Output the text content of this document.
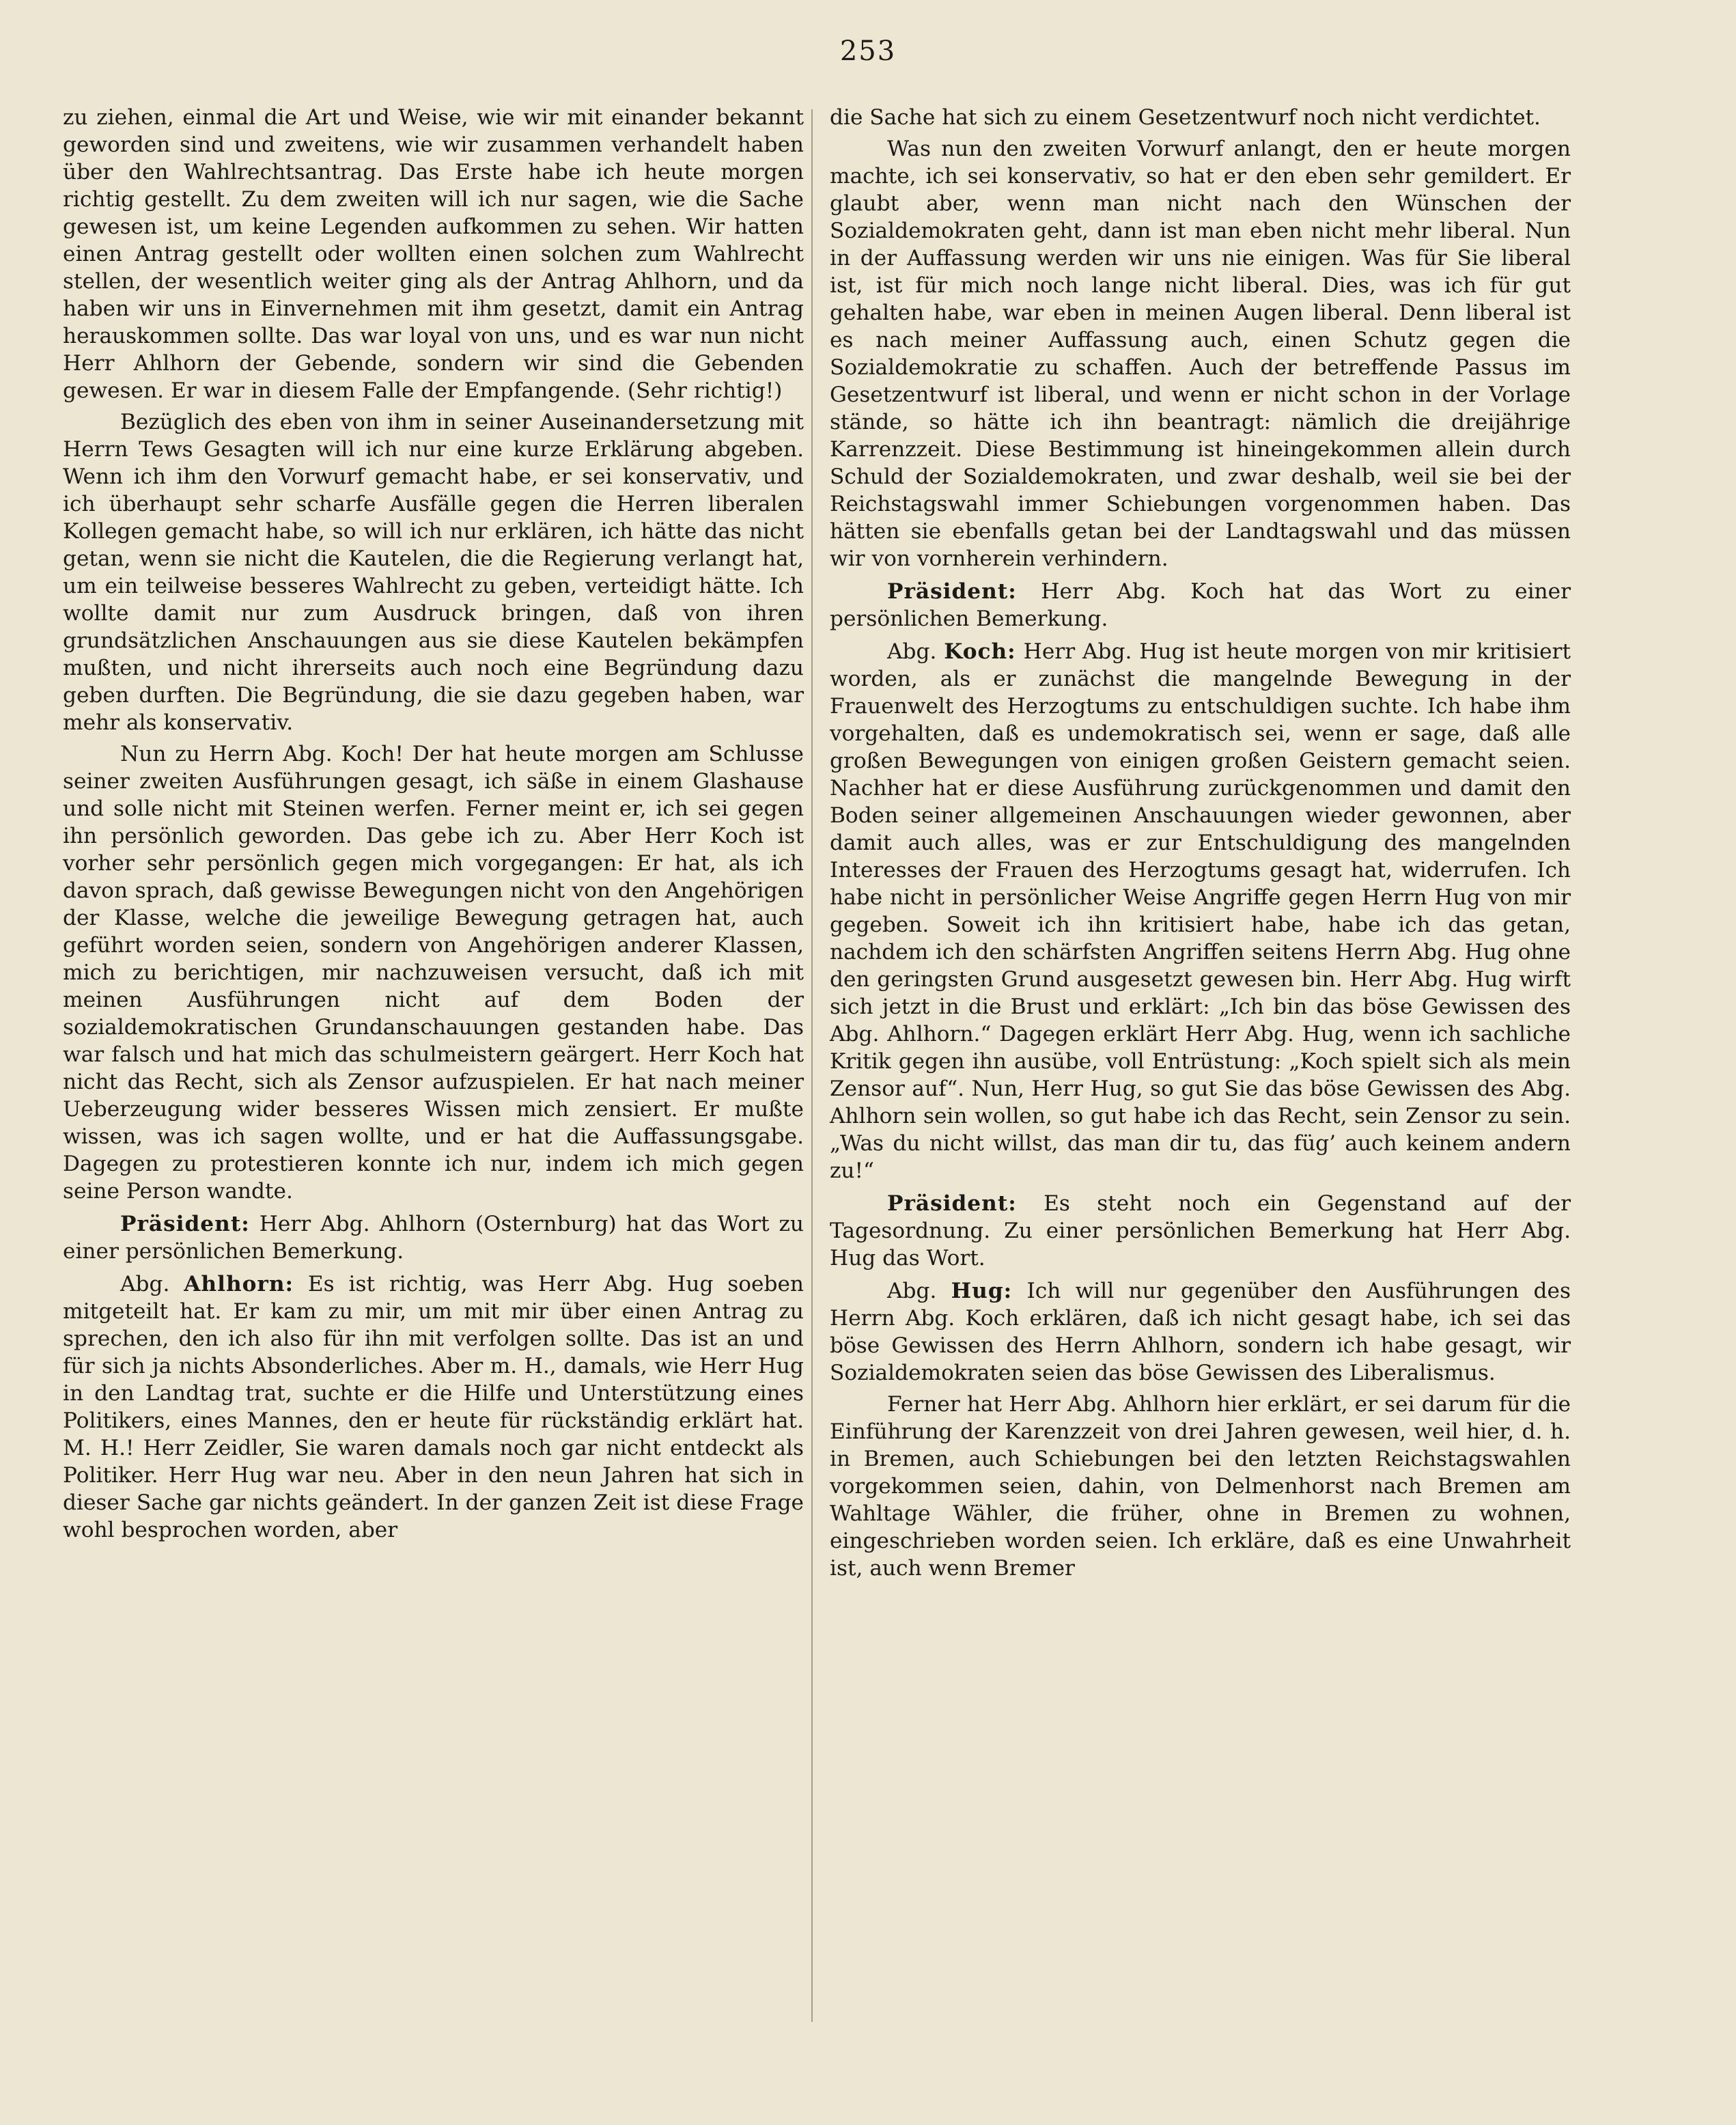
253

zu ziehen, einmal die Art und Weise, wie wir mit einander bekannt geworden sind und zweitens, wie wir zusammen verhandelt haben über den Wahlrechtsantrag. Das Erste habe ich heute morgen richtig gestellt. Zu dem zweiten will ich nur sagen, wie die Sache gewesen ist, um keine Legenden aufkommen zu sehen. Wir hatten einen Antrag gestellt oder wollten einen solchen zum Wahlrecht stellen, der wesentlich weiter ging als der Antrag Ahlhorn, und da haben wir uns in Einvernehmen mit ihm gesetzt, damit ein Antrag herauskommen sollte. Das war loyal von uns, und es war nun nicht Herr Ahlhorn der Gebende, sondern wir sind die Gebenden gewesen. Er war in diesem Falle der Empfangende. (Sehr richtig!)

Bezüglich des eben von ihm in seiner Auseinandersetzung mit Herrn Tews Gesagten will ich nur eine kurze Erklärung abgeben. Wenn ich ihm den Vorwurf gemacht habe, er sei konservativ, und ich überhaupt sehr scharfe Ausfälle gegen die Herren liberalen Kollegen gemacht habe, so will ich nur erklären, ich hätte das nicht getan, wenn sie nicht die Kautelen, die die Regierung verlangt hat, um ein teilweise besseres Wahlrecht zu geben, verteidigt hätte. Ich wollte damit nur zum Ausdruck bringen, daß von ihren grundsätzlichen Anschauungen aus sie diese Kautelen bekämpfen mußten, und nicht ihrerseits auch noch eine Begründung dazu geben durften. Die Begründung, die sie dazu gegeben haben, war mehr als konservativ.

Nun zu Herrn Abg. Koch! Der hat heute morgen am Schlusse seiner zweiten Ausführungen gesagt, ich säße in einem Glashause und solle nicht mit Steinen werfen. Ferner meint er, ich sei gegen ihn persönlich geworden. Das gebe ich zu. Aber Herr Koch ist vorher sehr persönlich gegen mich vorgegangen: Er hat, als ich davon sprach, daß gewisse Bewegungen nicht von den Angehörigen der Klasse, welche die jeweilige Bewegung getragen hat, auch geführt worden seien, sondern von Angehörigen anderer Klassen, mich zu berichtigen, mir nachzuweisen versucht, daß ich mit meinen Ausführungen nicht auf dem Boden der sozialdemokratischen Grundanschauungen gestanden habe. Das war falsch und hat mich das schulmeistern geärgert. Herr Koch hat nicht das Recht, sich als Zensor aufzuspielen. Er hat nach meiner Ueberzeugung wider besseres Wissen mich zensiert. Er mußte wissen, was ich sagen wollte, und er hat die Auffassungsgabe. Dagegen zu protestieren konnte ich nur, indem ich mich gegen seine Person wandte.

Präsident: Herr Abg. Ahlhorn (Osternburg) hat das Wort zu einer persönlichen Bemerkung.

Abg. Ahlhorn: Es ist richtig, was Herr Abg. Hug soeben mitgeteilt hat. Er kam zu mir, um mit mir über einen Antrag zu sprechen, den ich also für ihn mit verfolgen sollte. Das ist an und für sich ja nichts Absonderliches. Aber m. H., damals, wie Herr Hug in den Landtag trat, suchte er die Hilfe und Unterstützung eines Politikers, eines Mannes, den er heute für rückständig erklärt hat. M. H.! Herr Zeidler, Sie waren damals noch gar nicht entdeckt als Politiker. Herr Hug war neu. Aber in den neun Jahren hat sich in dieser Sache gar nichts geändert. In der ganzen Zeit ist diese Frage wohl besprochen worden, aber

die Sache hat sich zu einem Gesetzentwurf noch nicht verdichtet.

Was nun den zweiten Vorwurf anlangt, den er heute morgen machte, ich sei konservativ, so hat er den eben sehr gemildert. Er glaubt aber, wenn man nicht nach den Wünschen der Sozialdemokraten geht, dann ist man eben nicht mehr liberal. Nun in der Auffassung werden wir uns nie einigen. Was für Sie liberal ist, ist für mich noch lange nicht liberal. Dies, was ich für gut gehalten habe, war eben in meinen Augen liberal. Denn liberal ist es nach meiner Auffassung auch, einen Schutz gegen die Sozialdemokratie zu schaffen. Auch der betreffende Passus im Gesetzentwurf ist liberal, und wenn er nicht schon in der Vorlage stände, so hätte ich ihn beantragt: nämlich die dreijährige Karrenzzeit. Diese Bestimmung ist hineingekommen allein durch Schuld der Sozialdemokraten, und zwar deshalb, weil sie bei der Reichstagswahl immer Schiebungen vorgenommen haben. Das hätten sie ebenfalls getan bei der Landtagswahl und das müssen wir von vornherein verhindern.

Präsident: Herr Abg. Koch hat das Wort zu einer persönlichen Bemerkung.

Abg. Koch: Herr Abg. Hug ist heute morgen von mir kritisiert worden, als er zunächst die mangelnde Bewegung in der Frauenwelt des Herzogtums zu entschuldigen suchte. Ich habe ihm vorgehalten, daß es undemokratisch sei, wenn er sage, daß alle großen Bewegungen von einigen großen Geistern gemacht seien. Nachher hat er diese Ausführung zurückgenommen und damit den Boden seiner allgemeinen Anschauungen wieder gewonnen, aber damit auch alles, was er zur Entschuldigung des mangelnden Interesses der Frauen des Herzogtums gesagt hat, widerrufen. Ich habe nicht in persönlicher Weise Angriffe gegen Herrn Hug von mir gegeben. Soweit ich ihn kritisiert habe, habe ich das getan, nachdem ich den schärfsten Angriffen seitens Herrn Abg. Hug ohne den geringsten Grund ausgesetzt gewesen bin. Herr Abg. Hug wirft sich jetzt in die Brust und erklärt: „Ich bin das böse Gewissen des Abg. Ahlhorn.“ Dagegen erklärt Herr Abg. Hug, wenn ich sachliche Kritik gegen ihn ausübe, voll Entrüstung: „Koch spielt sich als mein Zensor auf“. Nun, Herr Hug, so gut Sie das böse Gewissen des Abg. Ahlhorn sein wollen, so gut habe ich das Recht, sein Zensor zu sein. „Was du nicht willst, das man dir tu, das füg’ auch keinem andern zu!“

Präsident: Es steht noch ein Gegenstand auf der Tagesordnung. Zu einer persönlichen Bemerkung hat Herr Abg. Hug das Wort.

Abg. Hug: Ich will nur gegenüber den Ausführungen des Herrn Abg. Koch erklären, daß ich nicht gesagt habe, ich sei das böse Gewissen des Herrn Ahlhorn, sondern ich habe gesagt, wir Sozialdemokraten seien das böse Gewissen des Liberalismus.

Ferner hat Herr Abg. Ahlhorn hier erklärt, er sei darum für die Einführung der Karenzzeit von drei Jahren gewesen, weil hier, d. h. in Bremen, auch Schiebungen bei den letzten Reichstagswahlen vorgekommen seien, dahin, von Delmenhorst nach Bremen am Wahltage Wähler, die früher, ohne in Bremen zu wohnen, eingeschrieben worden seien. Ich erkläre, daß es eine Unwahrheit ist, auch wenn Bremer
